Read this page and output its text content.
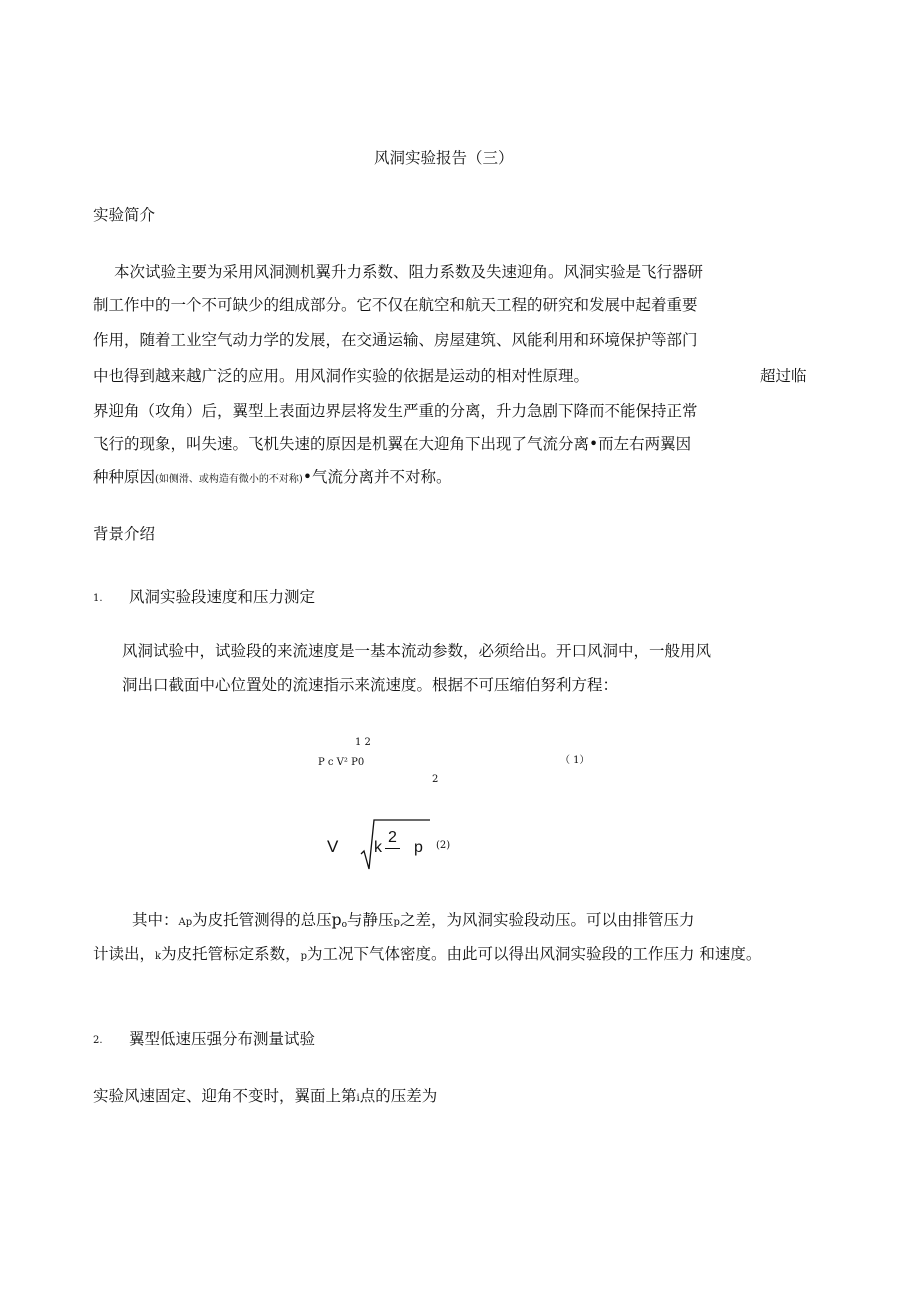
风洞实验报告（三）
实验简介
本次试验主要为采用风洞测机翼升力系数、阻力系数及失速迎角。风洞实验是飞行器研
制工作中的一个不可缺少的组成部分。它不仅在航空和航天工程的研究和发展中起着重要
作用，随着工业空气动力学的发展，在交通运输、房屋建筑、风能利用和环境保护等部门
中也得到越来越广泛的应用。用风洞作实验的依据是运动的相对性原理。	超过临
界迎角（攻角）后，翼型上表面边界层将发生严重的分离，升力急剧下降而不能保持正常
飞行的现象，叫失速。飞机失速的原因是机翼在大迎角下出现了气流分离•而左右两翼因
种种原因(如侧滑、或构造有微小的不对称)•气流分离并不对称。
背景介绍
1. 风洞实验段速度和压力测定
风洞试验中，试验段的来流速度是一基本流动参数，必须给出。开口风洞中，一般用风
洞出口截面中心位置处的流速指示来流速度。根据不可压缩伯努利方程：
1 2
P c V² P0
2
（ 1）
V k
2
p (2)
其中：Ap为皮托管测得的总压$p_o$与静压p之差，为风洞实验段动压。可以由排管压力
计读出，k为皮托管标定系数，p为工况下气体密度。由此可以得出风洞实验段的工作压力 和速度。
2. 翼型低速压强分布测量试验
实验风速固定、迎角不变时，翼面上第i点的压差为
